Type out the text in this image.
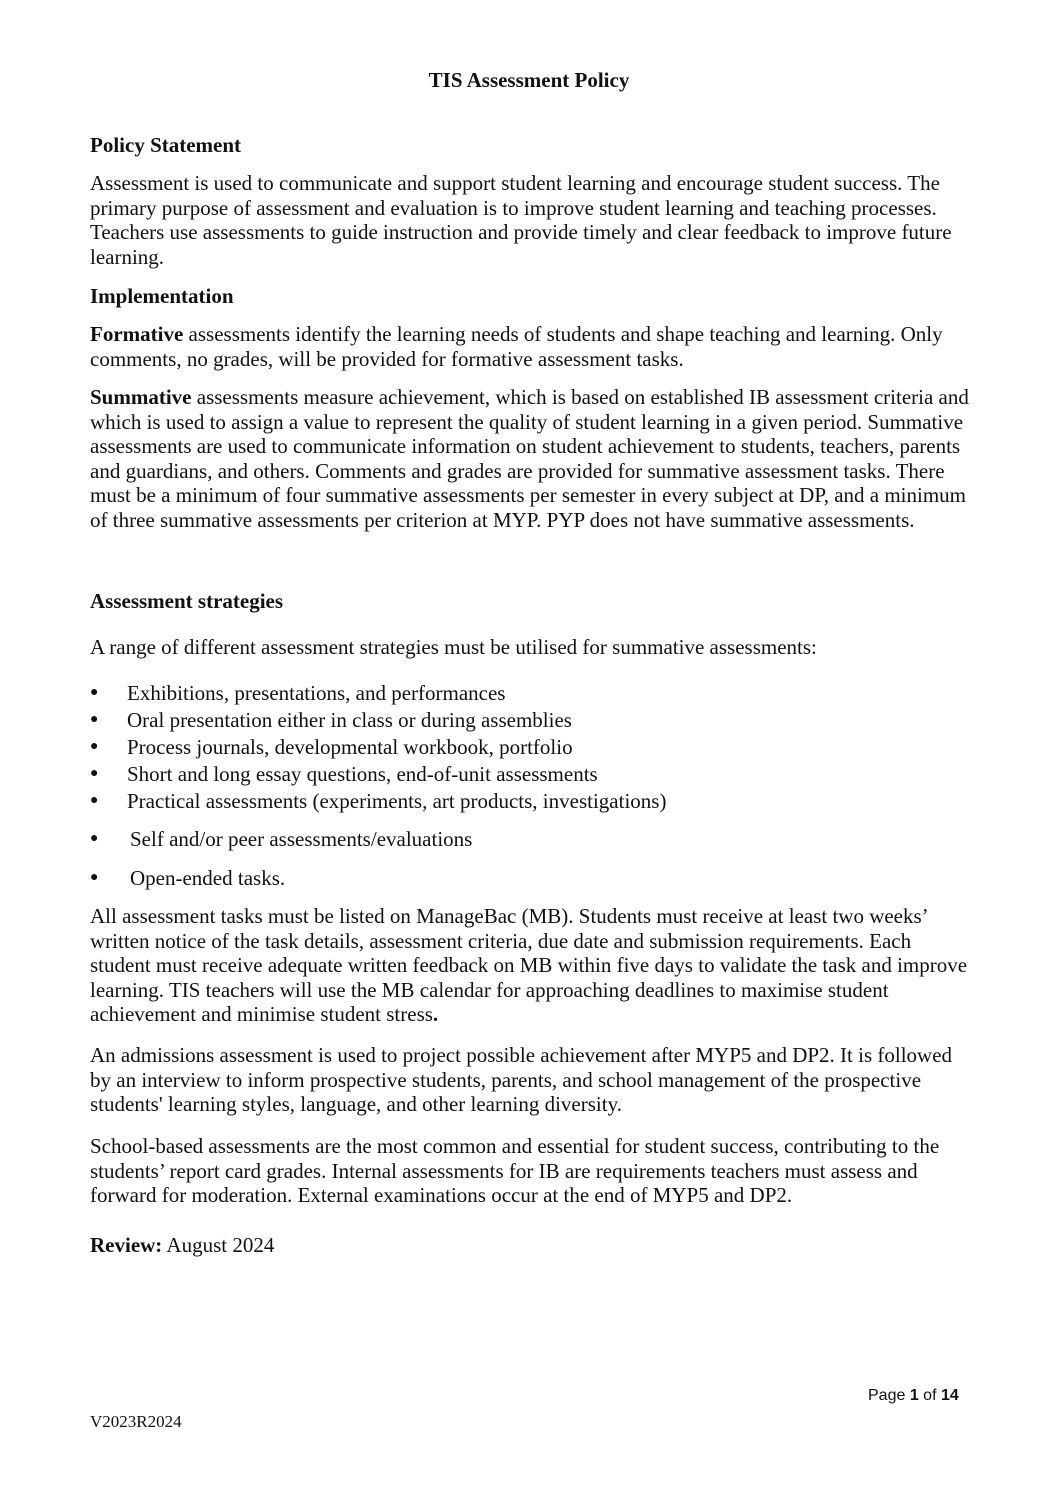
TIS Assessment Policy
Policy Statement
Assessment is used to communicate and support student learning and encourage student success. The primary purpose of assessment and evaluation is to improve student learning and teaching processes. Teachers use assessments to guide instruction and provide timely and clear feedback to improve future learning.
Implementation
Formative assessments identify the learning needs of students and shape teaching and learning. Only comments, no grades, will be provided for formative assessment tasks.
Summative assessments measure achievement, which is based on established IB assessment criteria and which is used to assign a value to represent the quality of student learning in a given period. Summative assessments are used to communicate information on student achievement to students, teachers, parents and guardians, and others. Comments and grades are provided for summative assessment tasks. There must be a minimum of four summative assessments per semester in every subject at DP, and a minimum of three summative assessments per criterion at MYP. PYP does not have summative assessments.
Assessment strategies
A range of different assessment strategies must be utilised for summative assessments:
● Exhibitions, presentations, and performances
● Oral presentation either in class or during assemblies
● Process journals, developmental workbook, portfolio
● Short and long essay questions, end-of-unit assessments
● Practical assessments (experiments, art products, investigations)
● Self and/or peer assessments/evaluations
● Open-ended tasks.
All assessment tasks must be listed on ManageBac (MB). Students must receive at least two weeks’ written notice of the task details, assessment criteria, due date and submission requirements. Each student must receive adequate written feedback on MB within five days to validate the task and improve learning. TIS teachers will use the MB calendar for approaching deadlines to maximise student achievement and minimise student stress.
An admissions assessment is used to project possible achievement after MYP5 and DP2. It is followed by an interview to inform prospective students, parents, and school management of the prospective students' learning styles, language, and other learning diversity.
School-based assessments are the most common and essential for student success, contributing to the students’ report card grades. Internal assessments for IB are requirements teachers must assess and forward for moderation. External examinations occur at the end of MYP5 and DP2.
Review: August 2024
Page 1 of 14
V2023R2024
